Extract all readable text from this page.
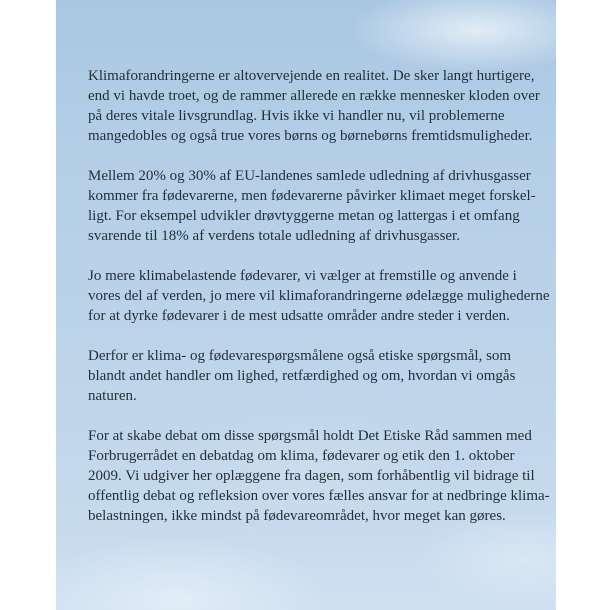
Klimaforandringerne er altovervejende en realitet. De sker langt hurtigere,
end vi havde troet, og de rammer allerede en række mennesker kloden over
på deres vitale livsgrundlag. Hvis ikke vi handler nu, vil problemerne
mangedobles og også true vores børns og børnebørns fremtidsmuligheder.

Mellem 20% og 30% af EU-landenes samlede udledning af drivhusgasser
kommer fra fødevarerne, men fødevarerne påvirker klimaet meget forskel-
ligt. For eksempel udvikler drøvtyggerne metan og lattergas i et omfang
svarende til 18% af verdens totale udledning af drivhusgasser.

Jo mere klimabelastende fødevarer, vi vælger at fremstille og anvende i
vores del af verden, jo mere vil klimaforandringerne ødelægge mulighederne
for at dyrke fødevarer i de mest udsatte områder andre steder i verden.

Derfor er klima- og fødevarespørgsmålene også etiske spørgsmål, som
blandt andet handler om lighed, retfærdighed og om, hvordan vi omgås
naturen.

For at skabe debat om disse spørgsmål holdt Det Etiske Råd sammen med
Forbrugerrådet en debatdag om klima, fødevarer og etik den 1. oktober
2009. Vi udgiver her oplæggene fra dagen, som forhåbentlig vil bidrage til
offentlig debat og refleksion over vores fælles ansvar for at nedbringe klima-
belastningen, ikke mindst på fødevareområdet, hvor meget kan gøres.
